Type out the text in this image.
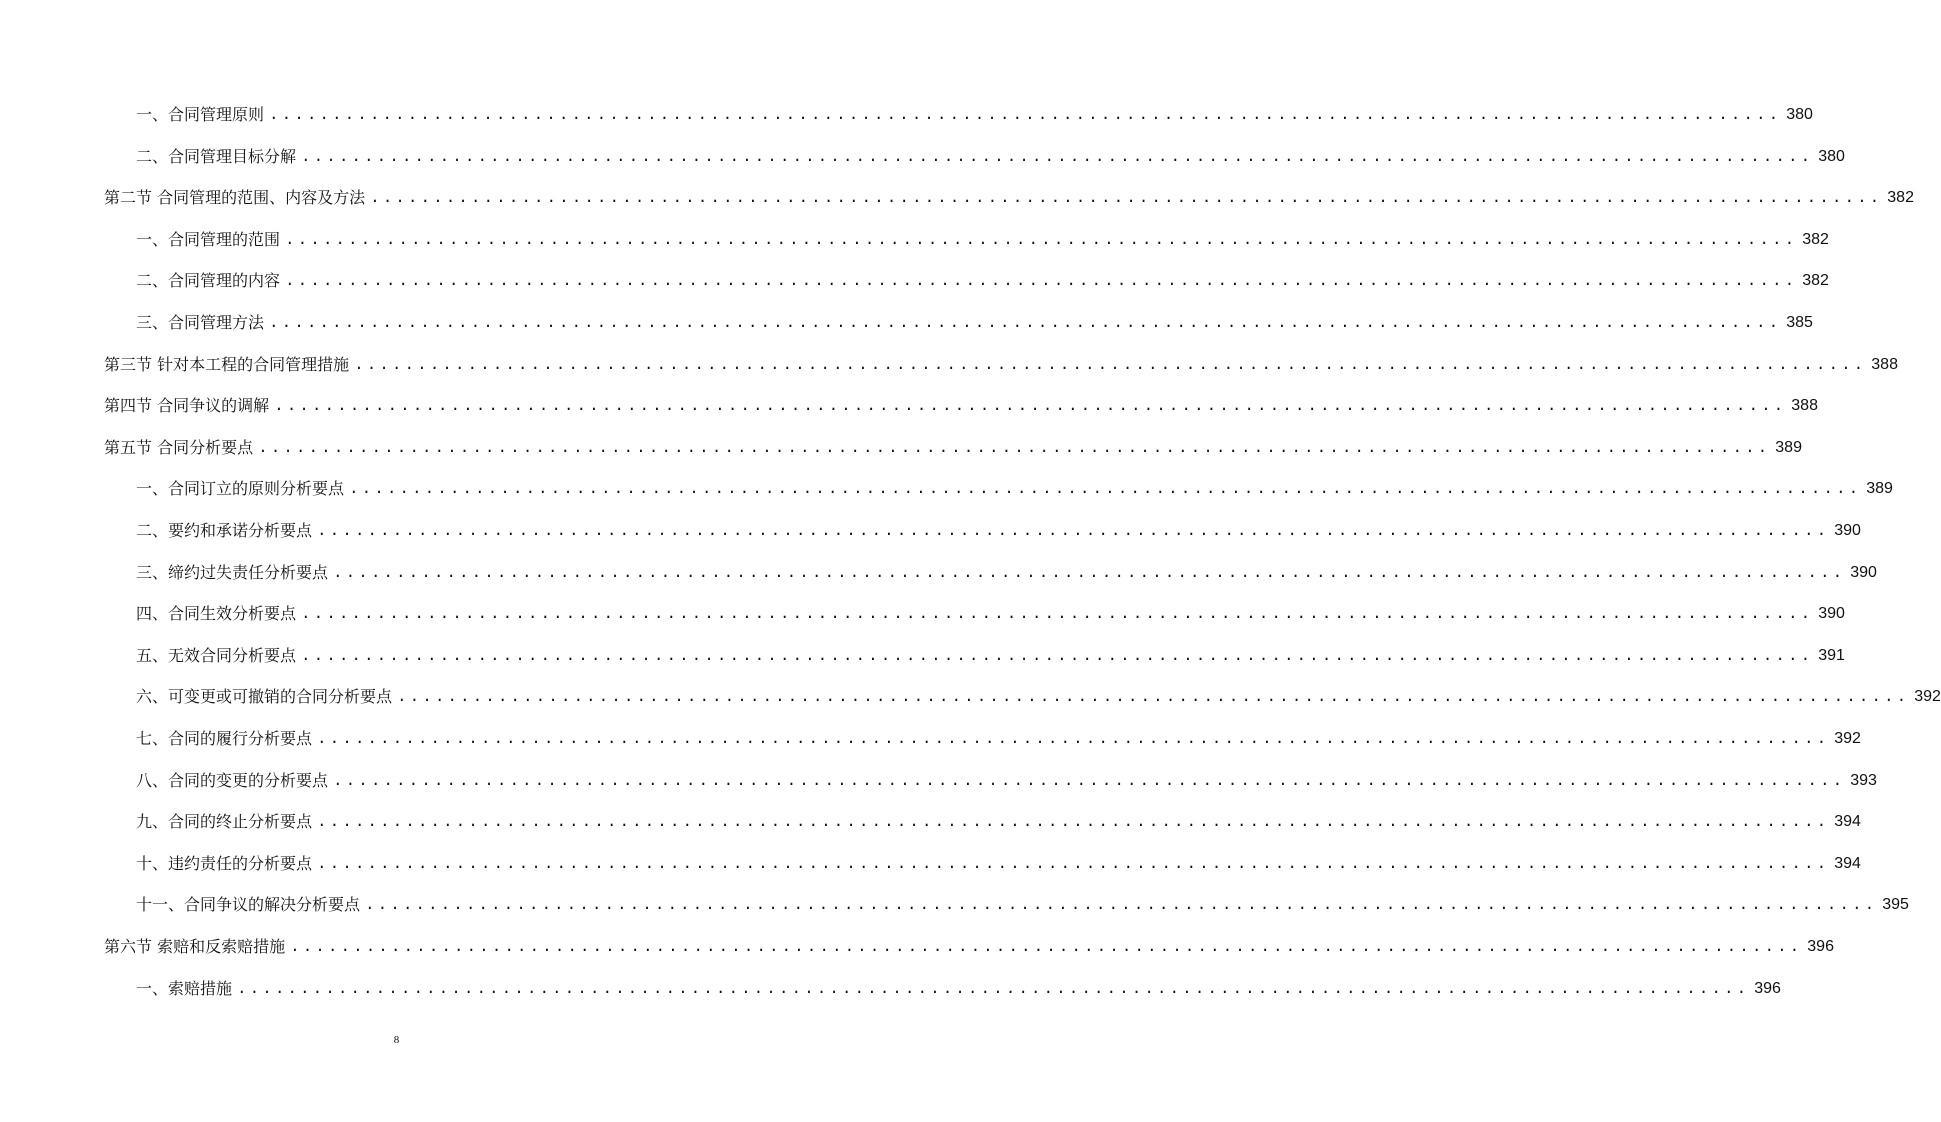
一、合同管理原则 ........................................................................................................................ 380
二、合同管理目标分解 ........................................................................................................................ 380
第二节 合同管理的范围、内容及方法 ........................................................................................................................ 382
一、合同管理的范围 ........................................................................................................................ 382
二、合同管理的内容 ........................................................................................................................ 382
三、合同管理方法 ........................................................................................................................ 385
第三节 针对本工程的合同管理措施 ........................................................................................................................ 388
第四节 合同争议的调解 ........................................................................................................................ 388
第五节 合同分析要点 ........................................................................................................................ 389
一、合同订立的原则分析要点 ........................................................................................................................ 389
二、要约和承诺分析要点 ........................................................................................................................ 390
三、缔约过失责任分析要点 ........................................................................................................................ 390
四、合同生效分析要点 ........................................................................................................................ 390
五、无效合同分析要点 ........................................................................................................................ 391
六、可变更或可撤销的合同分析要点 ........................................................................................................................ 392
七、合同的履行分析要点 ........................................................................................................................ 392
八、合同的变更的分析要点 ........................................................................................................................ 393
九、合同的终止分析要点 ........................................................................................................................ 394
十、违约责任的分析要点 ........................................................................................................................ 394
十一、合同争议的解决分析要点 ........................................................................................................................ 395
第六节 索赔和反索赔措施 ........................................................................................................................ 396
一、索赔措施 ........................................................................................................................ 396
8
